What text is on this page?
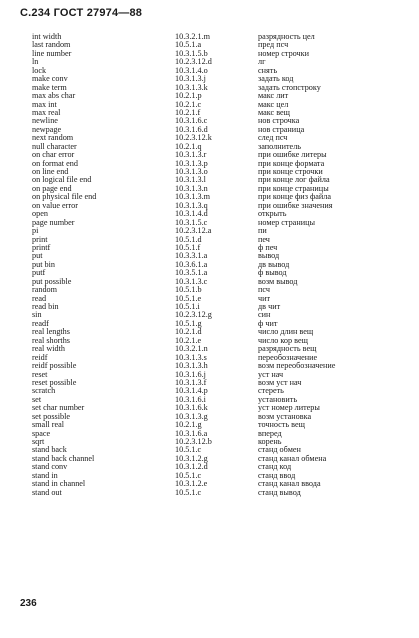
С.234 ГОСТ 27974—88
int width	10.3.2.1.m	разрядность цел
last random	10.5.1.a	пред псч
line number	10.3.1.5.b	номер строчки
ln	10.2.3.12.d	лг
lock	10.3.1.4.o	снять
make conv	10.3.1.3.j	задать код
make term	10.3.1.3.k	задать стопстроку
max abs char	10.2.1.p	макс лит
max int	10.2.1.c	макс цел
max real	10.2.1.f	макс вещ
newline	10.3.1.6.c	нов строчка
newpage	10.3.1.6.d	нов страница
next random	10.2.3.12.k	след псч
null character	10.2.1.q	заполнитель
on char error	10.3.1.3.r	при ошибке литеры
on format end	10.3.1.3.p	при конце формата
on line end	10.3.1.3.o	при конце строчки
on logical file end	10.3.1.3.l	при конце лог файла
on page end	10.3.1.3.n	при конце страницы
on physical file end	10.3.1.3.m	при конце физ файла
on value error	10.3.1.3.q	при ошибке значения
open	10.3.1.4.d	открыть
page number	10.3.1.5.c	номер страницы
pi	10.2.3.12.a	пи
print	10.5.1.d	печ
printf	10.5.1.f	ф печ
put	10.3.3.1.a	вывод
put bin	10.3.6.1.a	дв вывод
putf	10.3.5.1.a	ф вывод
put possible	10.3.1.3.c	возм вывод
random	10.5.1.b	псч
read	10.5.1.e	чит
read bin	10.5.1.i	дв чит
sin	10.2.3.12.g	син
readf	10.5.1.g	ф чит
real lengths	10.2.1.d	число длин вещ
real shorths	10.2.1.e	число кор вещ
real width	10.3.2.1.n	разрядность вещ
reidf	10.3.1.3.s	переобозначение
reidf possible	10.3.1.3.h	возм переобозначение
reset	10.3.1.6.j	уст нач
reset possible	10.3.1.3.f	возм уст нач
scratch	10.3.1.4.p	стереть
set	10.3.1.6.i	установить
set char number	10.3.1.6.k	уст номер литеры
set possible	10.3.1.3.g	возм установка
small real	10.2.1.g	точность вещ
space	10.3.1.6.a	вперед
sqrt	10.2.3.12.b	корень
stand back	10.5.1.c	станд обмен
stand back channel	10.3.1.2.g	станд канал обмена
stand conv	10.3.1.2.d	станд код
stand in	10.5.1.c	станд ввод
stand in channel	10.3.1.2.e	станд канал ввода
stand out	10.5.1.c	станд вывод
236
